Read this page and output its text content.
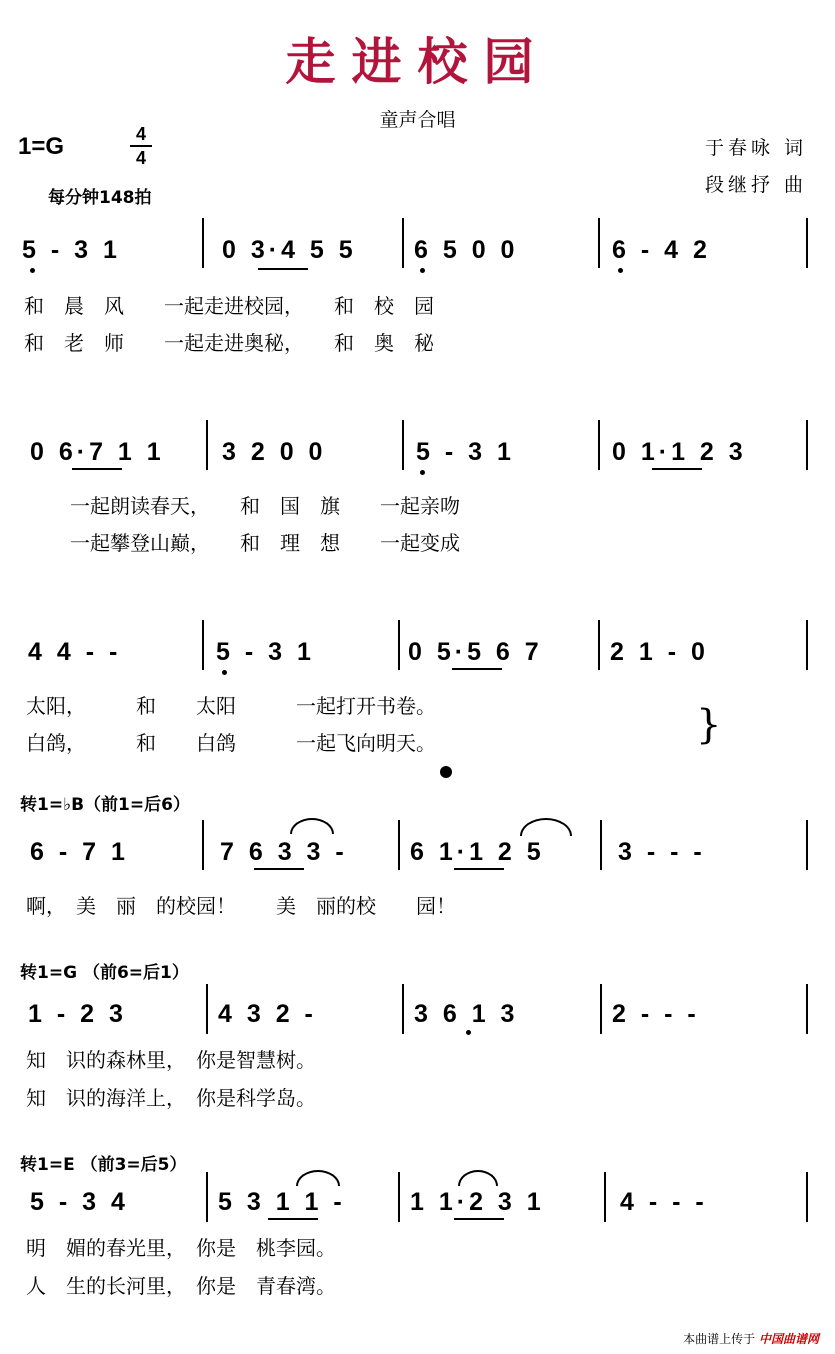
走进校园
童声合唱
1=G	4
4
每分钟148拍
于春咏 词
段继抒 曲
5 - 3 1	0 3·4 5 5 6 5 0 0	6 - 4 2
和　晨　风　　一起走进校园，　　和　校　园
和　老　师　　一起走进奥秘，　　和　奥　秘
0 6·7 1 1 3 2 0 0	5 - 3 1	0 1·1 2 3
一起朗读春天，　　和　国　旗　　一起亲吻
一起攀登山巅，　　和　理　想　　一起变成
4 4 - -	5 - 3 1	0 5·5 6 7	2 1 - 0
太阳，　　　和　　太阳　　　一起打开书卷。
白鸽，　　　和　　白鸽　　　一起飞向明天。	}
转1=♭B（前1=后6）
6 - 7 1	7 6 3 3 - 6 1·1 2 5	3 - - -
啊，　美　丽　的校园！　　美　丽的校　　园！
转1=G （前6=后1）
1 - 2 3	4 3 2 -	3 6 1 3	2 - - -
知　识的森林里，　你是智慧树。
知　识的海洋上，　你是科学岛。
转1=E （前3=后5）
5 - 3 4	5 3 1 1 -	1 1·2 3 1	4 - - -
明　媚的春光里，　你是　桃李园。
人　生的长河里，　你是　青春湾。
本曲谱上传于 中国曲谱网
